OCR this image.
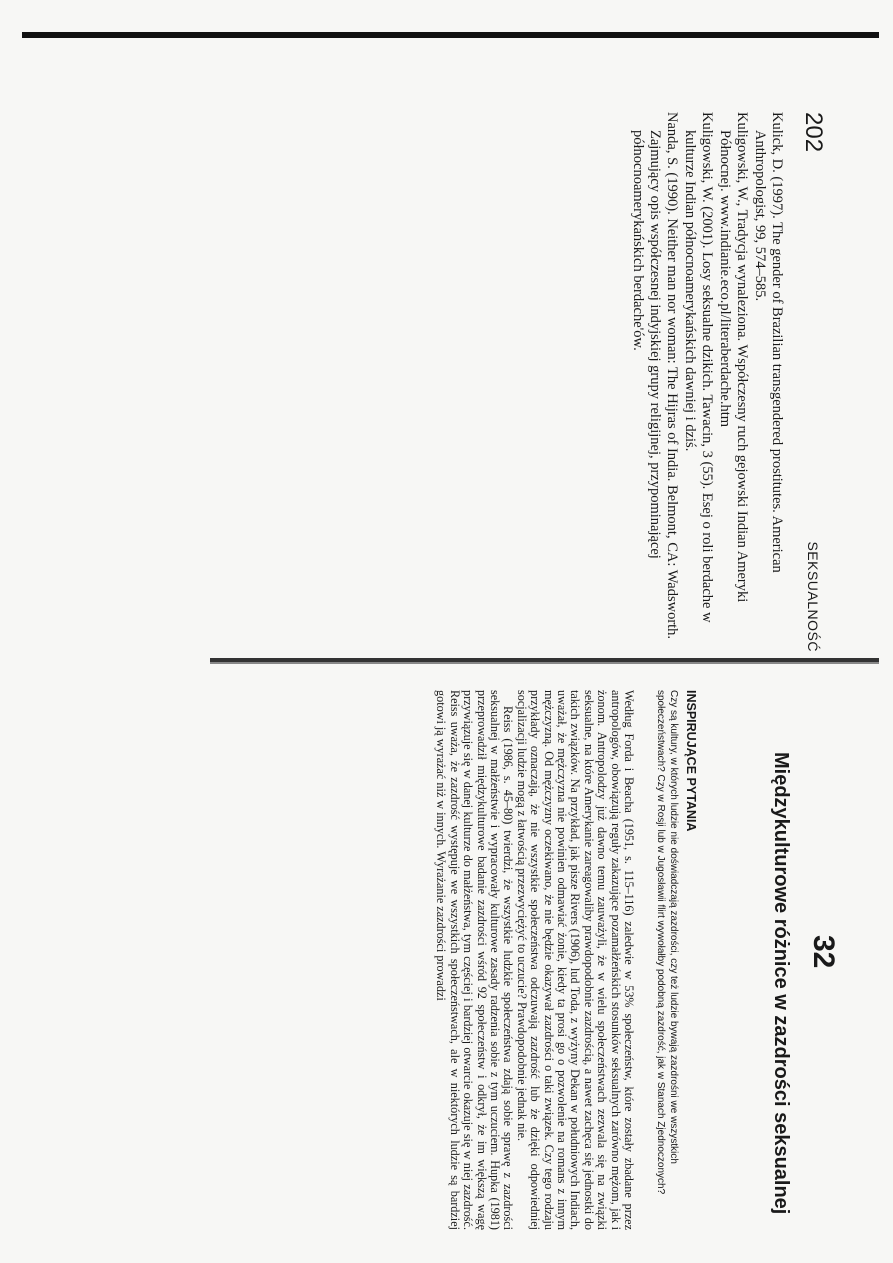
202
SEKSUALNOŚĆ

Kulick, D. (1997). The gender of Brazilian transgendered prostitutes. American Anthropologist, 99, 574–585.

Kuligowski, W., Tradycja wynaleziona. Współczesny ruch gejowski Indian Ameryki Północnej. www.indianie.eco.pl/literaberdache.htm

Kuligowski, W. (2001). Losy seksualne dzikich. Tawacin, 3 (55). Esej o roli berdache w kulturze Indian północnoamerykańskich dawniej i dziś.

Nanda, S. (1990). Neither man nor woman: The Hijras of India. Belmont, CA: Wadsworth. Zajmujący opis współczesnej indyjskiej grupy religijnej, przypominającej północnoamerykańskich berdache'ów.

32
Międzykulturowe różnice w zazdrości seksualnej
INSPIRUJĄCE PYTANIA
Czy są kultury, w których ludzie nie doświadczają zazdrości, czy też ludzie bywają zazdrośni we wszystkich społeczeństwach? Czy w Rosji lub w Jugosławii flirt wywołałby podobną zazdrość, jak w Stanach Zjednoczonych?

Według Forda i Beacha (1951, s. 115–116) zaledwie w 53% społeczeństw, które zostały zbadane przez antropologów, obowiązują reguły zakazujące pozamałżeńskich stosunków seksualnych zarówno mężom, jak i żonom. Antropolodzy już dawno temu zauważyli, że w wielu społeczeństwach zezwala się na związki seksualne, na które Amerykanie zareagowaliby prawdopodobnie zazdrością, a nawet zachęca się jednostki do takich związków. Na przykład, jak pisze Rivers (1906), lud Toda, z wyżyny Dekan w południowych Indiach, uważał, że mężczyzna nie powinien odmawiać żonie, kiedy ta prosi go o pozwolenie na romans z innym mężczyzną. Od mężczyzny oczekiwano, że nie będzie okazywał zazdrości o taki związek. Czy tego rodzaju przykłady oznaczają, że nie wszystkie społeczeństwa odczuwają zazdrość lub że dzięki odpowiedniej socjalizacji ludzie mogą z łatwością przezwyciężyć to uczucie? Prawdopodobnie jednak nie.

Reiss (1986, s. 45–80) twierdzi, że wszystkie ludzkie społeczeństwa zdają sobie sprawę z zazdrości seksualnej w małżeństwie i wypracowały kulturowe zasady radzenia sobie z tym uczuciem. Hupka (1981) przeprowadził międzykulturowe badanie zazdrości wśród 92 społeczeństw i odkrył, że im większą wagę przywiązuje się w danej kulturze do małżeństwa, tym częściej i bardziej otwarcie okazuje się w niej zazdrość. Reiss uważa, że zazdrość występuje we wszystkich społeczeństwach, ale w niektórych ludzie są bardziej gotowi ją wyrażać niż w innych. Wyrażanie zazdrości prowadzi
